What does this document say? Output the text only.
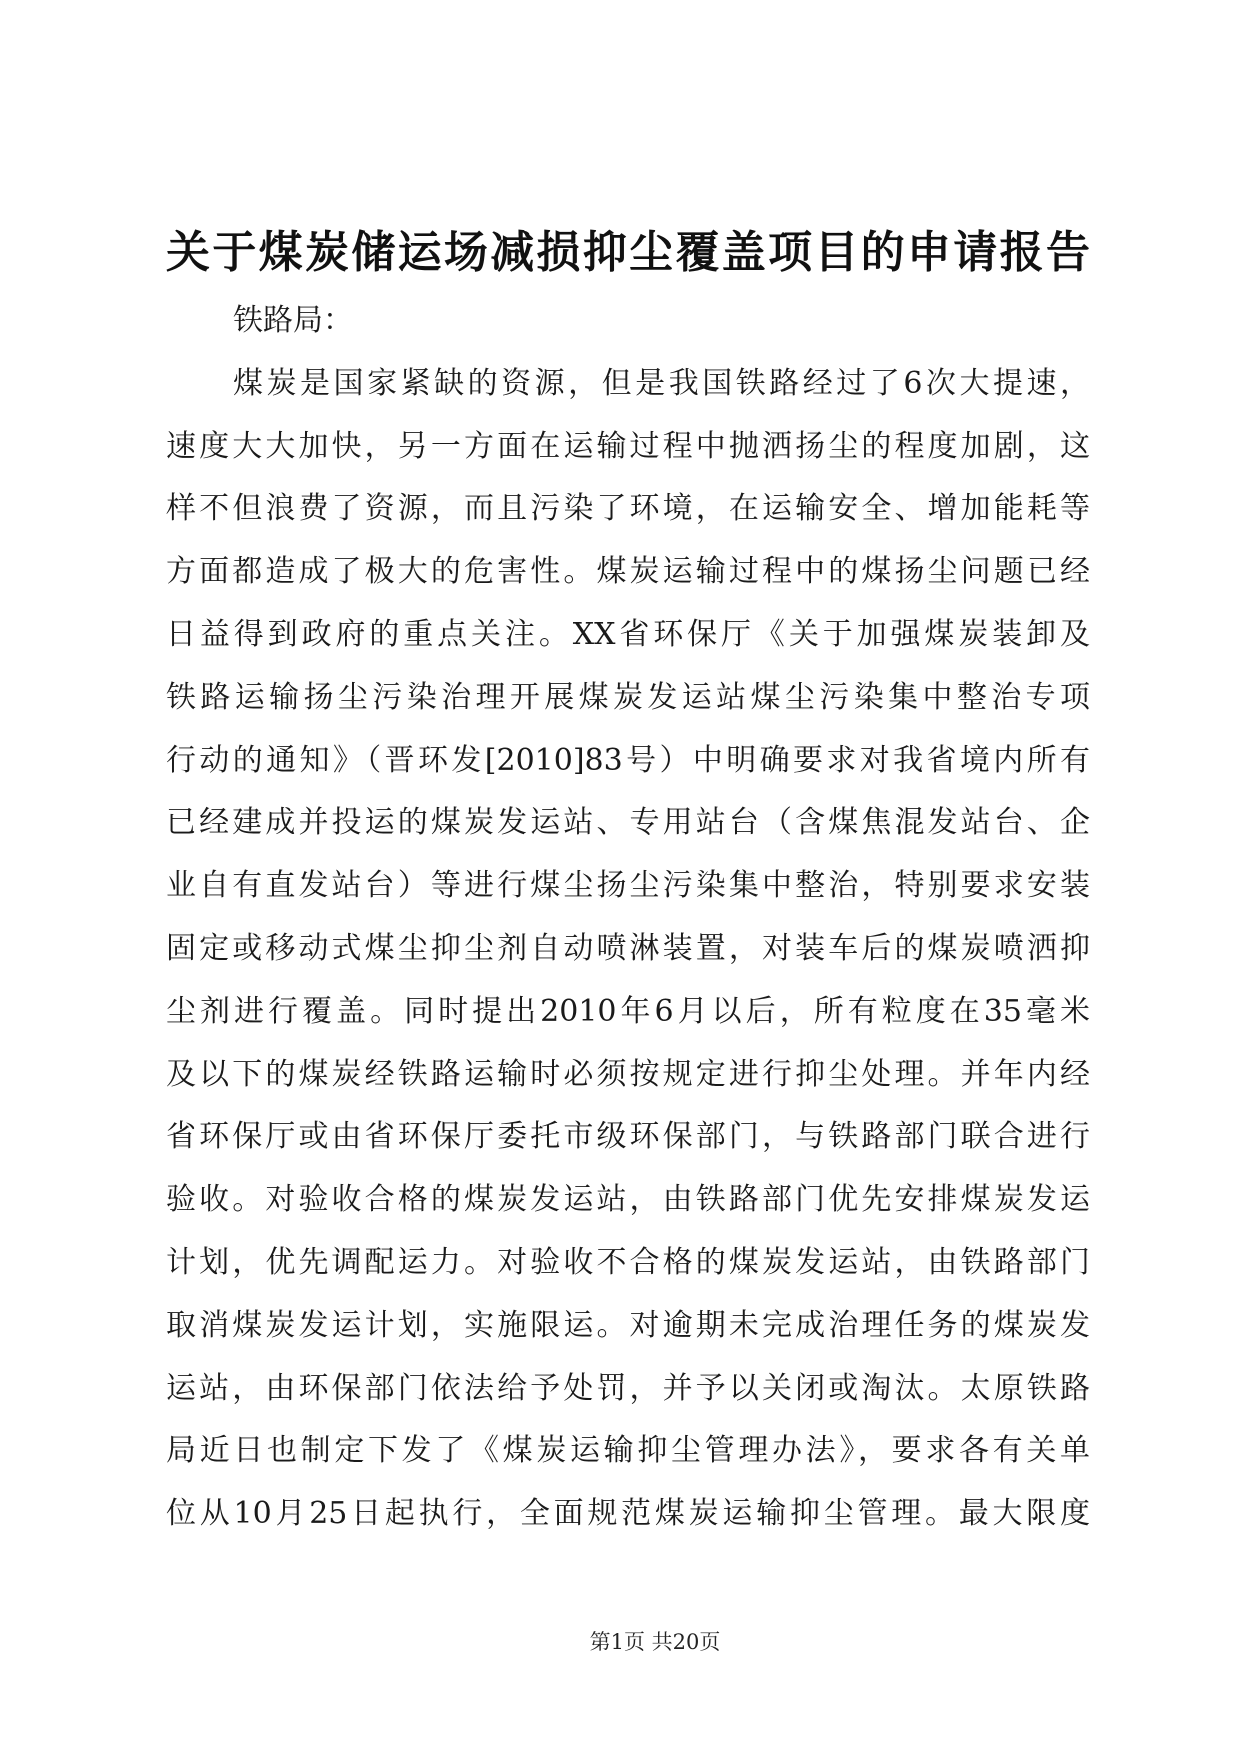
关于煤炭储运场减损抑尘覆盖项目的申请报告
铁路局：
煤炭是国家紧缺的资源，但是我国铁路经过了6次大提速，
速度大大加快，另一方面在运输过程中抛洒扬尘的程度加剧，这
样不但浪费了资源，而且污染了环境，在运输安全、增加能耗等
方面都造成了极大的危害性。煤炭运输过程中的煤扬尘问题已经
日益得到政府的重点关注。XX省环保厅《关于加强煤炭装卸及
铁路运输扬尘污染治理开展煤炭发运站煤尘污染集中整治专项
行动的通知》（晋环发[2010]83号）中明确要求对我省境内所有
已经建成并投运的煤炭发运站、专用站台（含煤焦混发站台、企
业自有直发站台）等进行煤尘扬尘污染集中整治，特别要求安装
固定或移动式煤尘抑尘剂自动喷淋装置，对装车后的煤炭喷洒抑
尘剂进行覆盖。同时提出2010年6月以后，所有粒度在35毫米
及以下的煤炭经铁路运输时必须按规定进行抑尘处理。并年内经
省环保厅或由省环保厅委托市级环保部门，与铁路部门联合进行
验收。对验收合格的煤炭发运站，由铁路部门优先安排煤炭发运
计划，优先调配运力。对验收不合格的煤炭发运站，由铁路部门
取消煤炭发运计划，实施限运。对逾期未完成治理任务的煤炭发
运站，由环保部门依法给予处罚，并予以关闭或淘汰。太原铁路
局近日也制定下发了《煤炭运输抑尘管理办法》，要求各有关单
位从10月25日起执行，全面规范煤炭运输抑尘管理。最大限度
第1页 共20页
